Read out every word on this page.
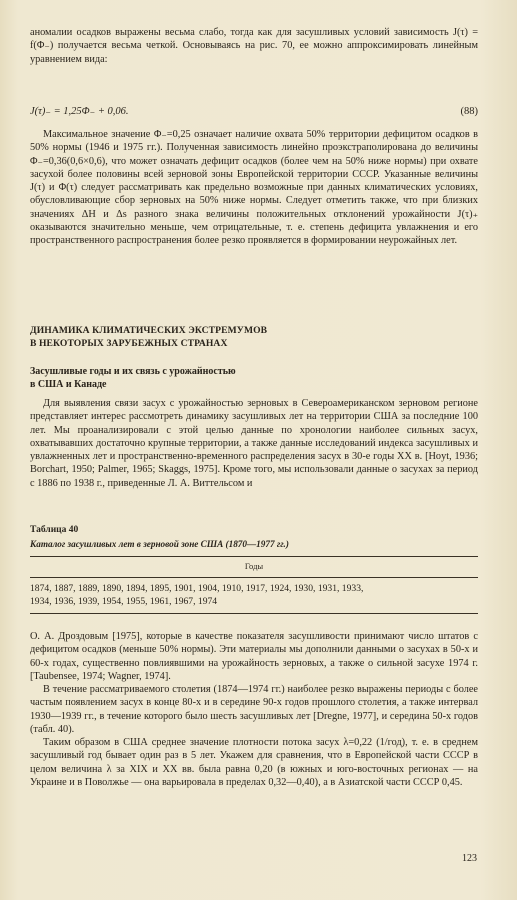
аномалии осадков выражены весьма слабо, тогда как для засушливых условий зависимость J(τ) = f(Φ₋) получается весьма четкой. Основываясь на рис. 70, ее можно аппроксимировать линейным уравнением вида:

J(τ)₋ = 1,25Φ₋ + 0,06.	(88)

Максимальное значение Φ₋=0,25 означает наличие охвата 50% территории дефицитом осадков в 50% нормы (1946 и 1975 гг.). Полученная зависимость линейно проэкстраполирована до величины Φ₋=0,36(0,6×0,6), что может означать дефицит осадков (более чем на 50% ниже нормы) при охвате засухой более половины всей зерновой зоны Европейской территории СССР. Указанные величины J(τ) и Φ(τ) следует рассматривать как предельно возможные при данных климатических условиях, обусловливающие сбор зерновых на 50% ниже нормы. Следует отметить также, что при близких значениях ΔH и Δs разного знака величины положительных отклонений урожайности J(τ)₊ оказываются значительно меньше, чем отрицательные, т. е. степень дефицита увлажнения и его пространственного распространения более резко проявляется в формировании неурожайных лет.

ДИНАМИКА КЛИМАТИЧЕСКИХ ЭКСТРЕМУМОВ
В НЕКОТОРЫХ ЗАРУБЕЖНЫХ СТРАНАХ
Засушливые годы и их связь с урожайностью
в США и Канаде

Для выявления связи засух с урожайностью зерновых в Североамериканском зерновом регионе представляет интерес рассмотреть динамику засушливых лет на территории США за последние 100 лет. Мы проанализировали с этой целью данные по хронологии наиболее сильных засух, охватывавших достаточно крупные территории, а также данные исследований индекса засушливых и увлажненных лет и пространственно-временного распределения засух в 30-е годы XX в. [Hoyt, 1936; Borchart, 1950; Palmer, 1965; Skaggs, 1975]. Кроме того, мы использовали данные о засухах за период с 1886 по 1938 г., приведенные Л. А. Виттельсом и

Таблица 40
Каталог засушливых лет в зерновой зоне США (1870—1977 гг.)
Годы
1874, 1887, 1889, 1890, 1894, 1895, 1901, 1904, 1910, 1917, 1924, 1930, 1931, 1933,
1934, 1936, 1939, 1954, 1955, 1961, 1967, 1974

О. А. Дроздовым [1975], которые в качестве показателя засушливости принимают число штатов с дефицитом осадков (меньше 50% нормы). Эти материалы мы дополнили данными о засухах в 50-х и 60-х годах, существенно повлиявшими на урожайность зерновых, а также о сильной засухе 1974 г. [Taubensee, 1974; Wagner, 1974].

В течение рассматриваемого столетия (1874—1974 гг.) наиболее резко выражены периоды с более частым появлением засух в конце 80-х и в середине 90-х годов прошлого столетия, а также интервал 1930—1939 гг., в течение которого было шесть засушливых лет [Dregne, 1977], и середина 50-х годов (табл. 40).

Таким образом в США среднее значение плотности потока засух λ=0,22 (1/год), т. е. в среднем засушливый год бывает один раз в 5 лет. Укажем для сравнения, что в Европейской части СССР в целом величина λ за XIX и XX вв. была равна 0,20 (в южных и юго-восточных регионах — на Украине и в Поволжье — она варьировала в пределах 0,32—0,40), а в Азиатской части СССР 0,45.

123
